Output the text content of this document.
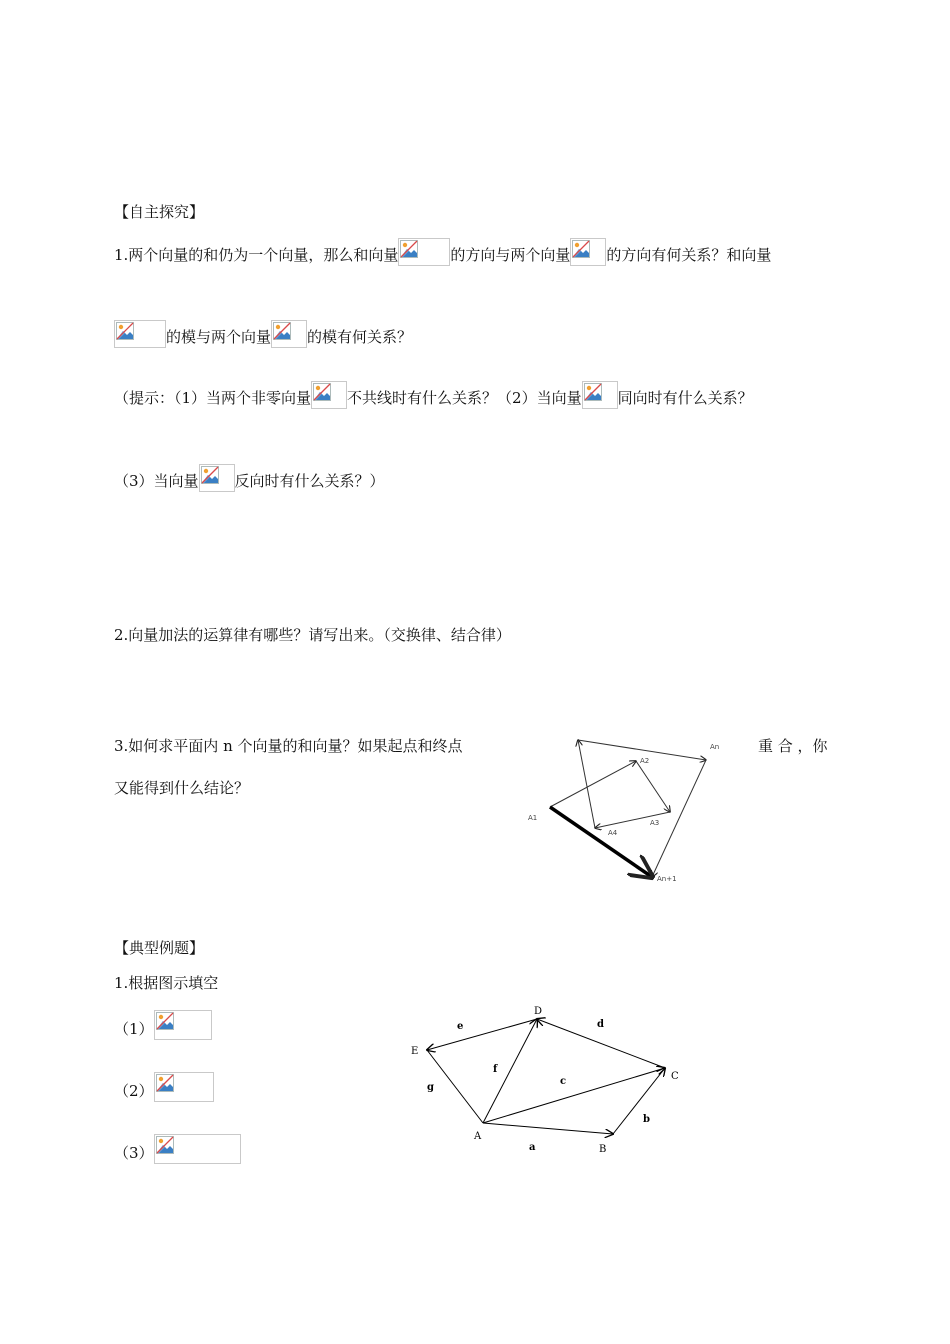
【自主探究】
1.两个向量的和仍为一个向量，那么和向量	的方向与两个向量 的方向有何关系？和向量
的模与两个向量 的模有何关系？
（提示：（1）当两个非零向量 不共线时有什么关系？（2）当向量 同向时有什么关系？
（3）当向量 反向时有什么关系？）
2.向量加法的运算律有哪些？请写出来。（交换律、结合律）
3.如何求平面内 n 个向量的和向量？如果起点和终点	重 合 ，你
又能得到什么结论？
A1
A2
A3
A4
An
An+1
【典型例题】
1.根据图示填空
（1）
（2）
（3）
A
B
C
D
E
a
b
c
d
e
f
g
